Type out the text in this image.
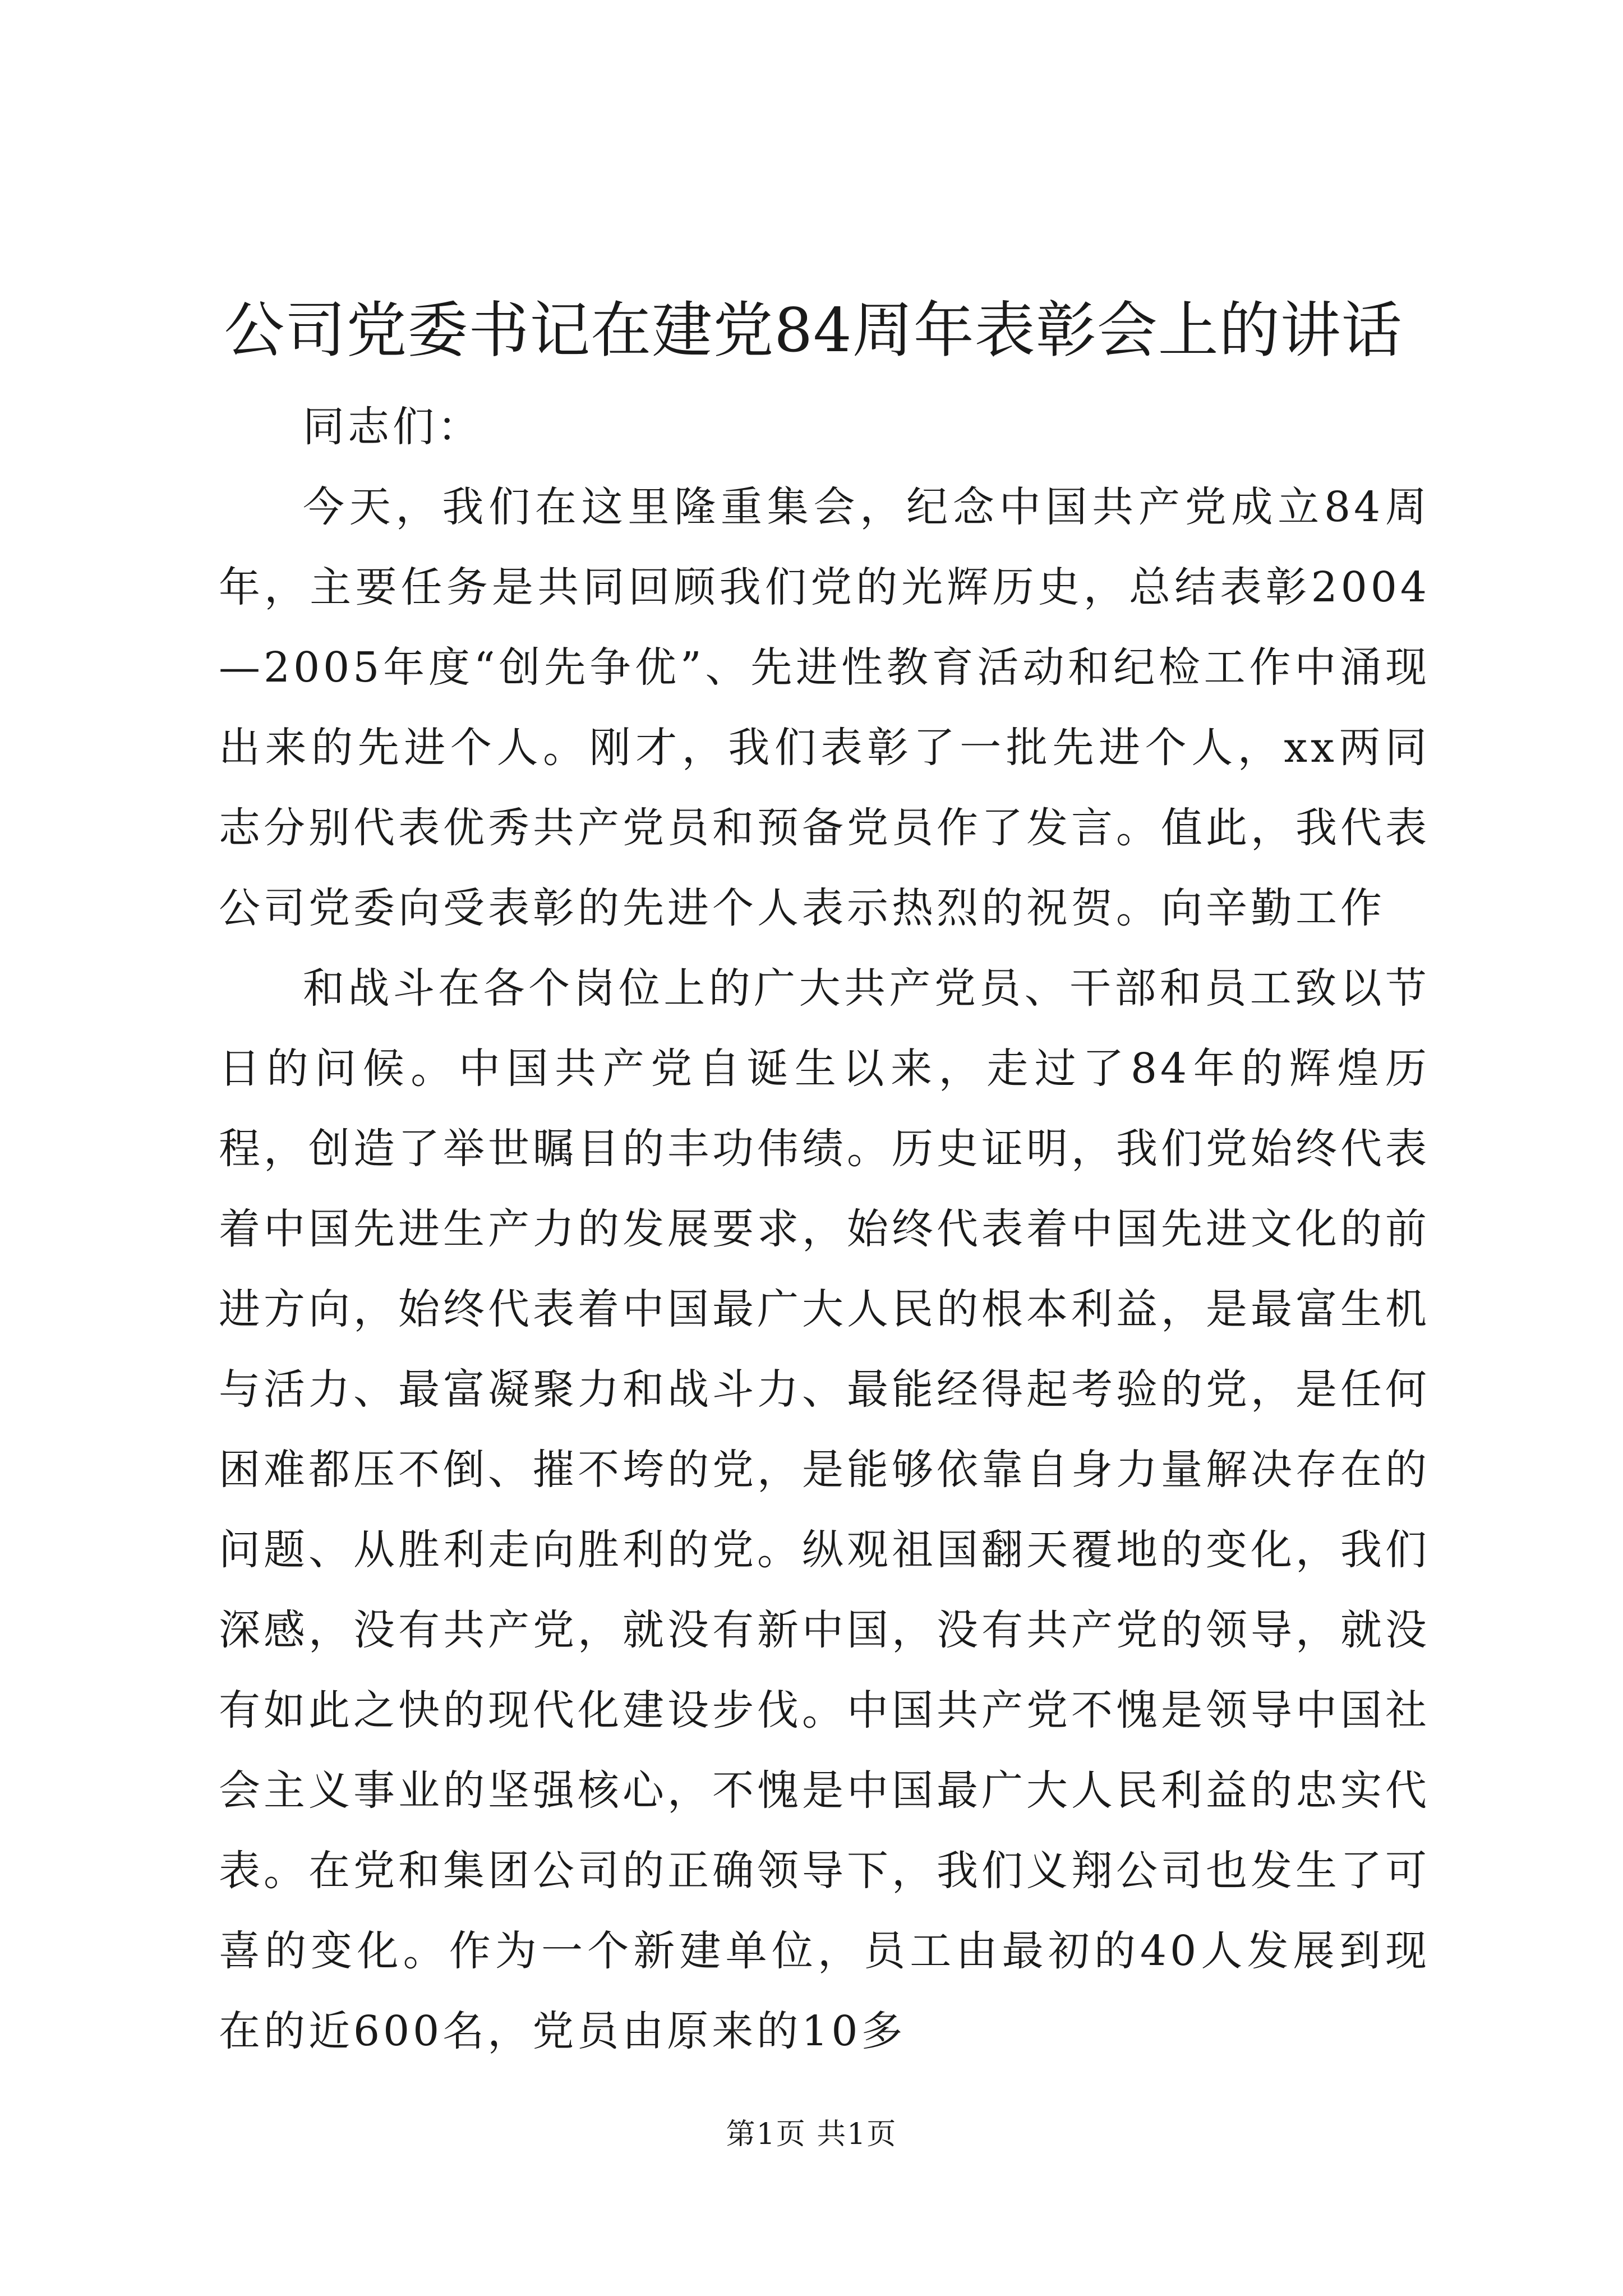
公司党委书记在建党84周年表彰会上的讲话

同志们：

今天，我们在这里隆重集会，纪念中国共产党成立84周年，主要任务是共同回顾我们党的光辉历史，总结表彰2004—2005年度“创先争优”、先进性教育活动和纪检工作中涌现出来的先进个人。刚才，我们表彰了一批先进个人，xx两同志分别代表优秀共产党员和预备党员作了发言。值此，我代表公司党委向受表彰的先进个人表示热烈的祝贺。向辛勤工作

和战斗在各个岗位上的广大共产党员、干部和员工致以节日的问候。中国共产党自诞生以来，走过了84年的辉煌历程，创造了举世瞩目的丰功伟绩。历史证明，我们党始终代表着中国先进生产力的发展要求，始终代表着中国先进文化的前进方向，始终代表着中国最广大人民的根本利益，是最富生机与活力、最富凝聚力和战斗力、最能经得起考验的党，是任何困难都压不倒、摧不垮的党，是能够依靠自身力量解决存在的问题、从胜利走向胜利的党。纵观祖国翻天覆地的变化，我们深感，没有共产党，就没有新中国，没有共产党的领导，就没有如此之快的现代化建设步伐。中国共产党不愧是领导中国社会主义事业的坚强核心，不愧是中国最广大人民利益的忠实代表。在党和集团公司的正确领导下，我们义翔公司也发生了可喜的变化。作为一个新建单位，员工由最初的40人发展到现在的近600名，党员由原来的10多

第1页 共1页
